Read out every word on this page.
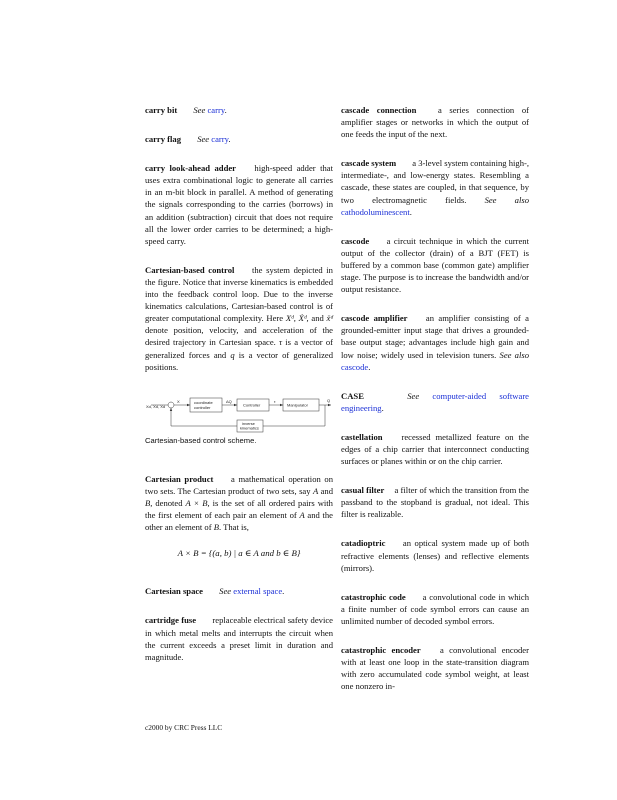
carry bit See carry.
carry flag See carry.
carry look-ahead adder high-speed adder that uses extra combinational logic to generate all carries in an m-bit block in parallel. A method of generating the signals corresponding to the carries (borrows) in an addition (subtraction) circuit that does not require all the lower order carries to be determined; a high-speed carry.
Cartesian-based control the system depicted in the figure. Notice that inverse kinematics is embedded into the feedback control loop. Due to the inverse kinematics calculations, Cartesian-based control is of greater computational complexity. Here Xᵈ, Ẋᵈ, and ẍᵈ denote position, velocity, and acceleration of the desired trajectory in Cartesian space. τ is a vector of generalized forces and q is a vector of generalized positions.
Xd, Xd, Xd
X	coordinate
controller
ΔQ
Controller
τ
Manipulator
Q
inverse
kinematics
Cartesian-based control scheme.
Cartesian product a mathematical operation on two sets. The Cartesian product of two sets, say A and B, denoted A × B, is the set of all ordered pairs with the first element of each pair an element of A and the other an element of B. That is,
A × B = {(a, b) | a ∈ A and b ∈ B}
Cartesian space See external space.
cartridge fuse replaceable electrical safety device in which metal melts and interrupts the circuit when the current exceeds a preset limit in duration and magnitude.
cascade connection	a series connection of amplifier stages or networks in which the output of one feeds the input of the next.
cascade system a 3-level system containing high-, intermediate-, and low-energy states. Resembling a cascade, these states are coupled, in that sequence, by two electromagnetic fields. See also cathodoluminescent.
cascode a circuit technique in which the current output of the collector (drain) of a BJT (FET) is buffered by a common base (common gate) amplifier stage. The purpose is to increase the bandwidth and/or output resistance.
cascode amplifier an amplifier consisting of a grounded-emitter input stage that drives a grounded-base output stage; advantages include high gain and low noise; widely used in television tuners. See also cascode.
CASE	See computer-aided software engineering.
castellation recessed metallized feature on the edges of a chip carrier that interconnect conducting surfaces or planes within or on the chip carrier.
casual filter a filter of which the transition from the passband to the stopband is gradual, not ideal. This filter is realizable.
catadioptric an optical system made up of both refractive elements (lenses) and reflective elements (mirrors).
catastrophic code a convolutional code in which a finite number of code symbol errors can cause an unlimited number of decoded symbol errors.
catastrophic encoder a convolutional encoder with at least one loop in the state-transition diagram with zero accumulated code symbol weight, at least one nonzero in-
c2000 by CRC Press LLC
